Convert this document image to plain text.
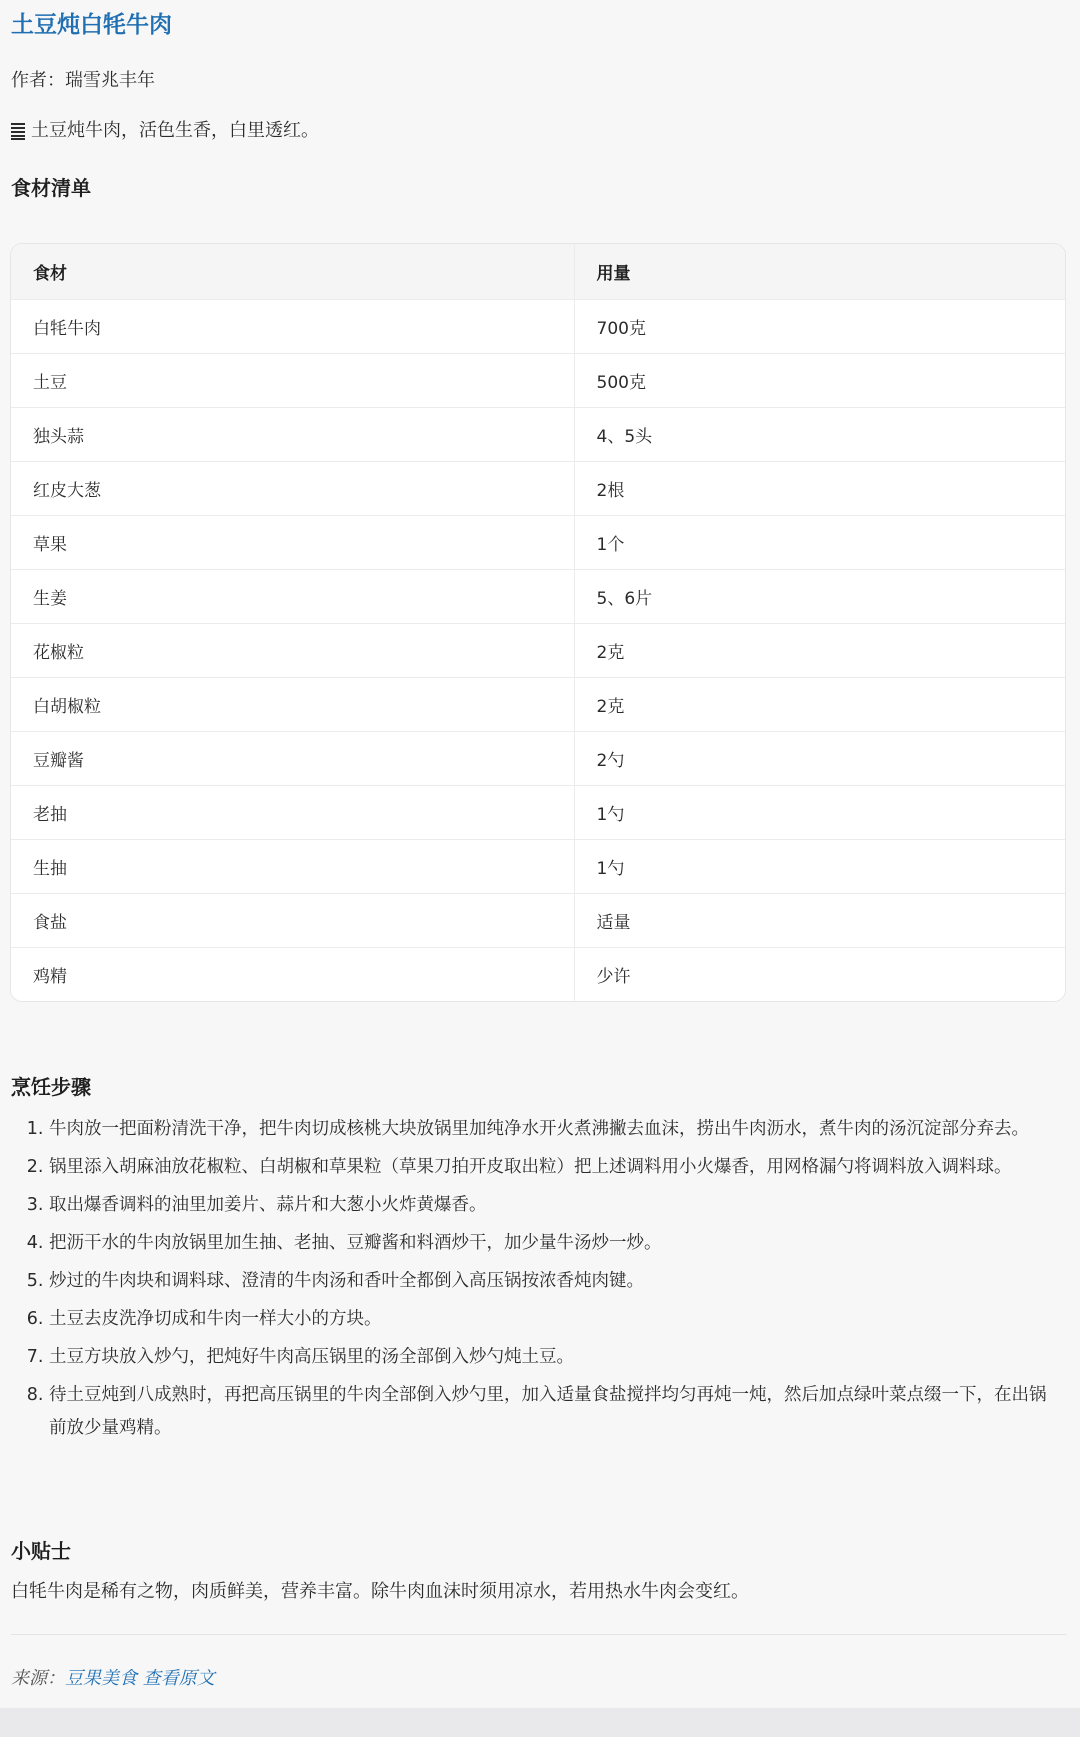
土豆炖白牦牛肉
作者：瑞雪兆丰年
土豆炖牛肉，活色生香，白里透红。
食材清单
食材	用量
白牦牛肉	700克
土豆	500克
独头蒜	4、5头
红皮大葱	2根
草果	1个
生姜	5、6片
花椒粒	2克
白胡椒粒	2克
豆瓣酱	2勺
老抽	1勺
生抽	1勺
食盐	适量
鸡精	少许
烹饪步骤
1. 牛肉放一把面粉清洗干净，把牛肉切成核桃大块放锅里加纯净水开火煮沸撇去血沫，捞出牛肉沥水，煮牛肉的汤沉淀部分弃去。
2. 锅里添入胡麻油放花椒粒、白胡椒和草果粒（草果刀拍开皮取出粒）把上述调料用小火爆香，用网格漏勺将调料放入调料球。
3. 取出爆香调料的油里加姜片、蒜片和大葱小火炸黄爆香。
4. 把沥干水的牛肉放锅里加生抽、老抽、豆瓣酱和料酒炒干，加少量牛汤炒一炒。
5. 炒过的牛肉块和调料球、澄清的牛肉汤和香叶全都倒入高压锅按浓香炖肉键。
6. 土豆去皮洗净切成和牛肉一样大小的方块。
7. 土豆方块放入炒勺，把炖好牛肉高压锅里的汤全部倒入炒勺炖土豆。
8. 待土豆炖到八成熟时，再把高压锅里的牛肉全部倒入炒勺里，加入适量食盐搅拌均匀再炖一炖，然后加点绿叶菜点缀一下，在出锅前放少量鸡精。
小贴士
白牦牛肉是稀有之物，肉质鲜美，营养丰富。除牛肉血沫时须用凉水，若用热水牛肉会变红。
来源：豆果美食 查看原文
